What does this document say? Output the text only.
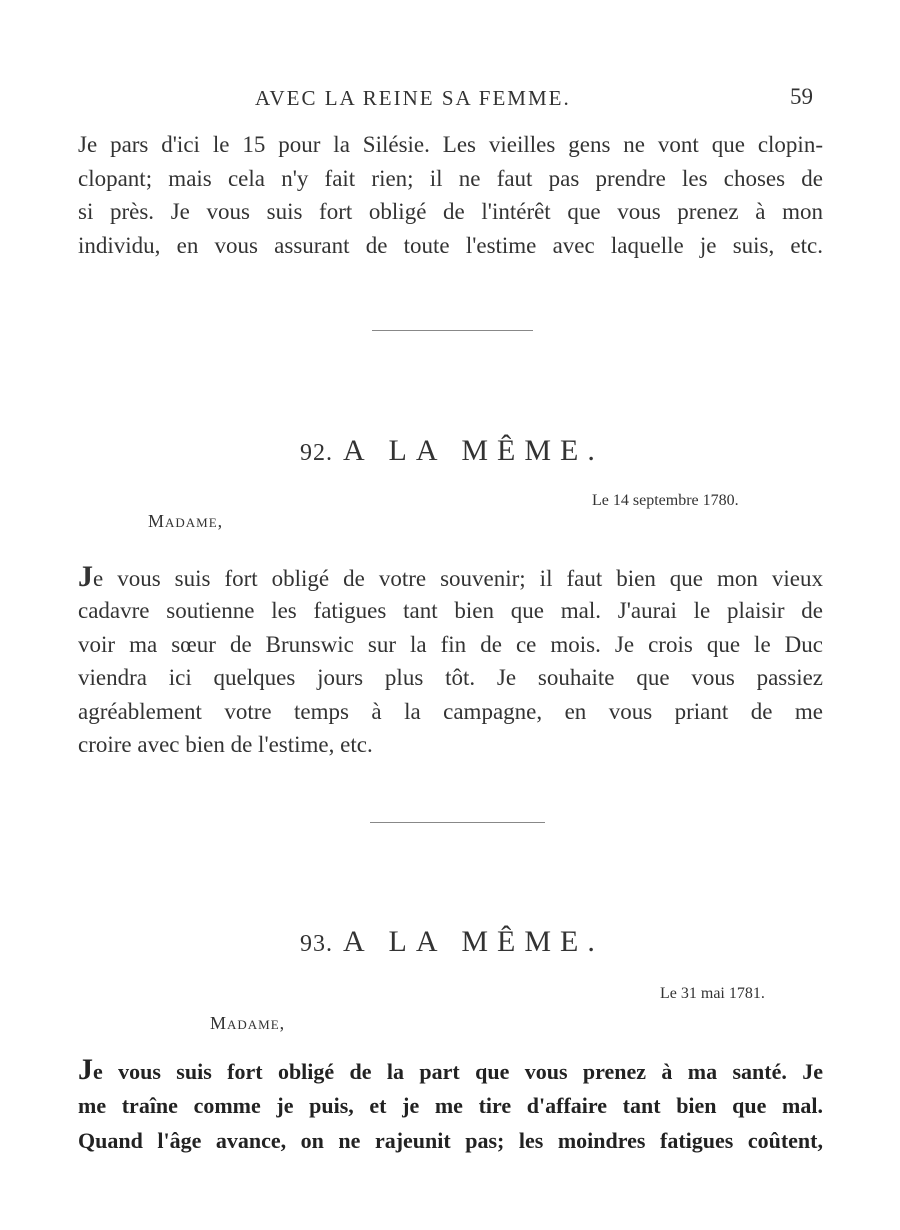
AVEC LA REINE SA FEMME.	59
Je pars d'ici le 15 pour la Silésie. Les vieilles gens ne vont que clopin-
clopant; mais cela n'y fait rien; il ne faut pas prendre les choses de
si près. Je vous suis fort obligé de l'intérêt que vous prenez à mon
individu, en vous assurant de toute l'estime avec laquelle je suis, etc.
92. A LA MÊME.
Le 14 septembre 1780.
Madame,
Je vous suis fort obligé de votre souvenir; il faut bien que mon vieux
cadavre soutienne les fatigues tant bien que mal. J'aurai le plaisir de
voir ma sœur de Brunswic sur la fin de ce mois. Je crois que le Duc
viendra ici quelques jours plus tôt. Je souhaite que vous passiez
agréablement votre temps à la campagne, en vous priant de me
croire avec bien de l'estime, etc.
93. A LA MÊME.
Le 31 mai 1781.
Madame,
Je vous suis fort obligé de la part que vous prenez à ma santé. Je
me traîne comme je puis, et je me tire d'affaire tant bien que mal.
Quand l'âge avance, on ne rajeunit pas; les moindres fatigues coûtent,
